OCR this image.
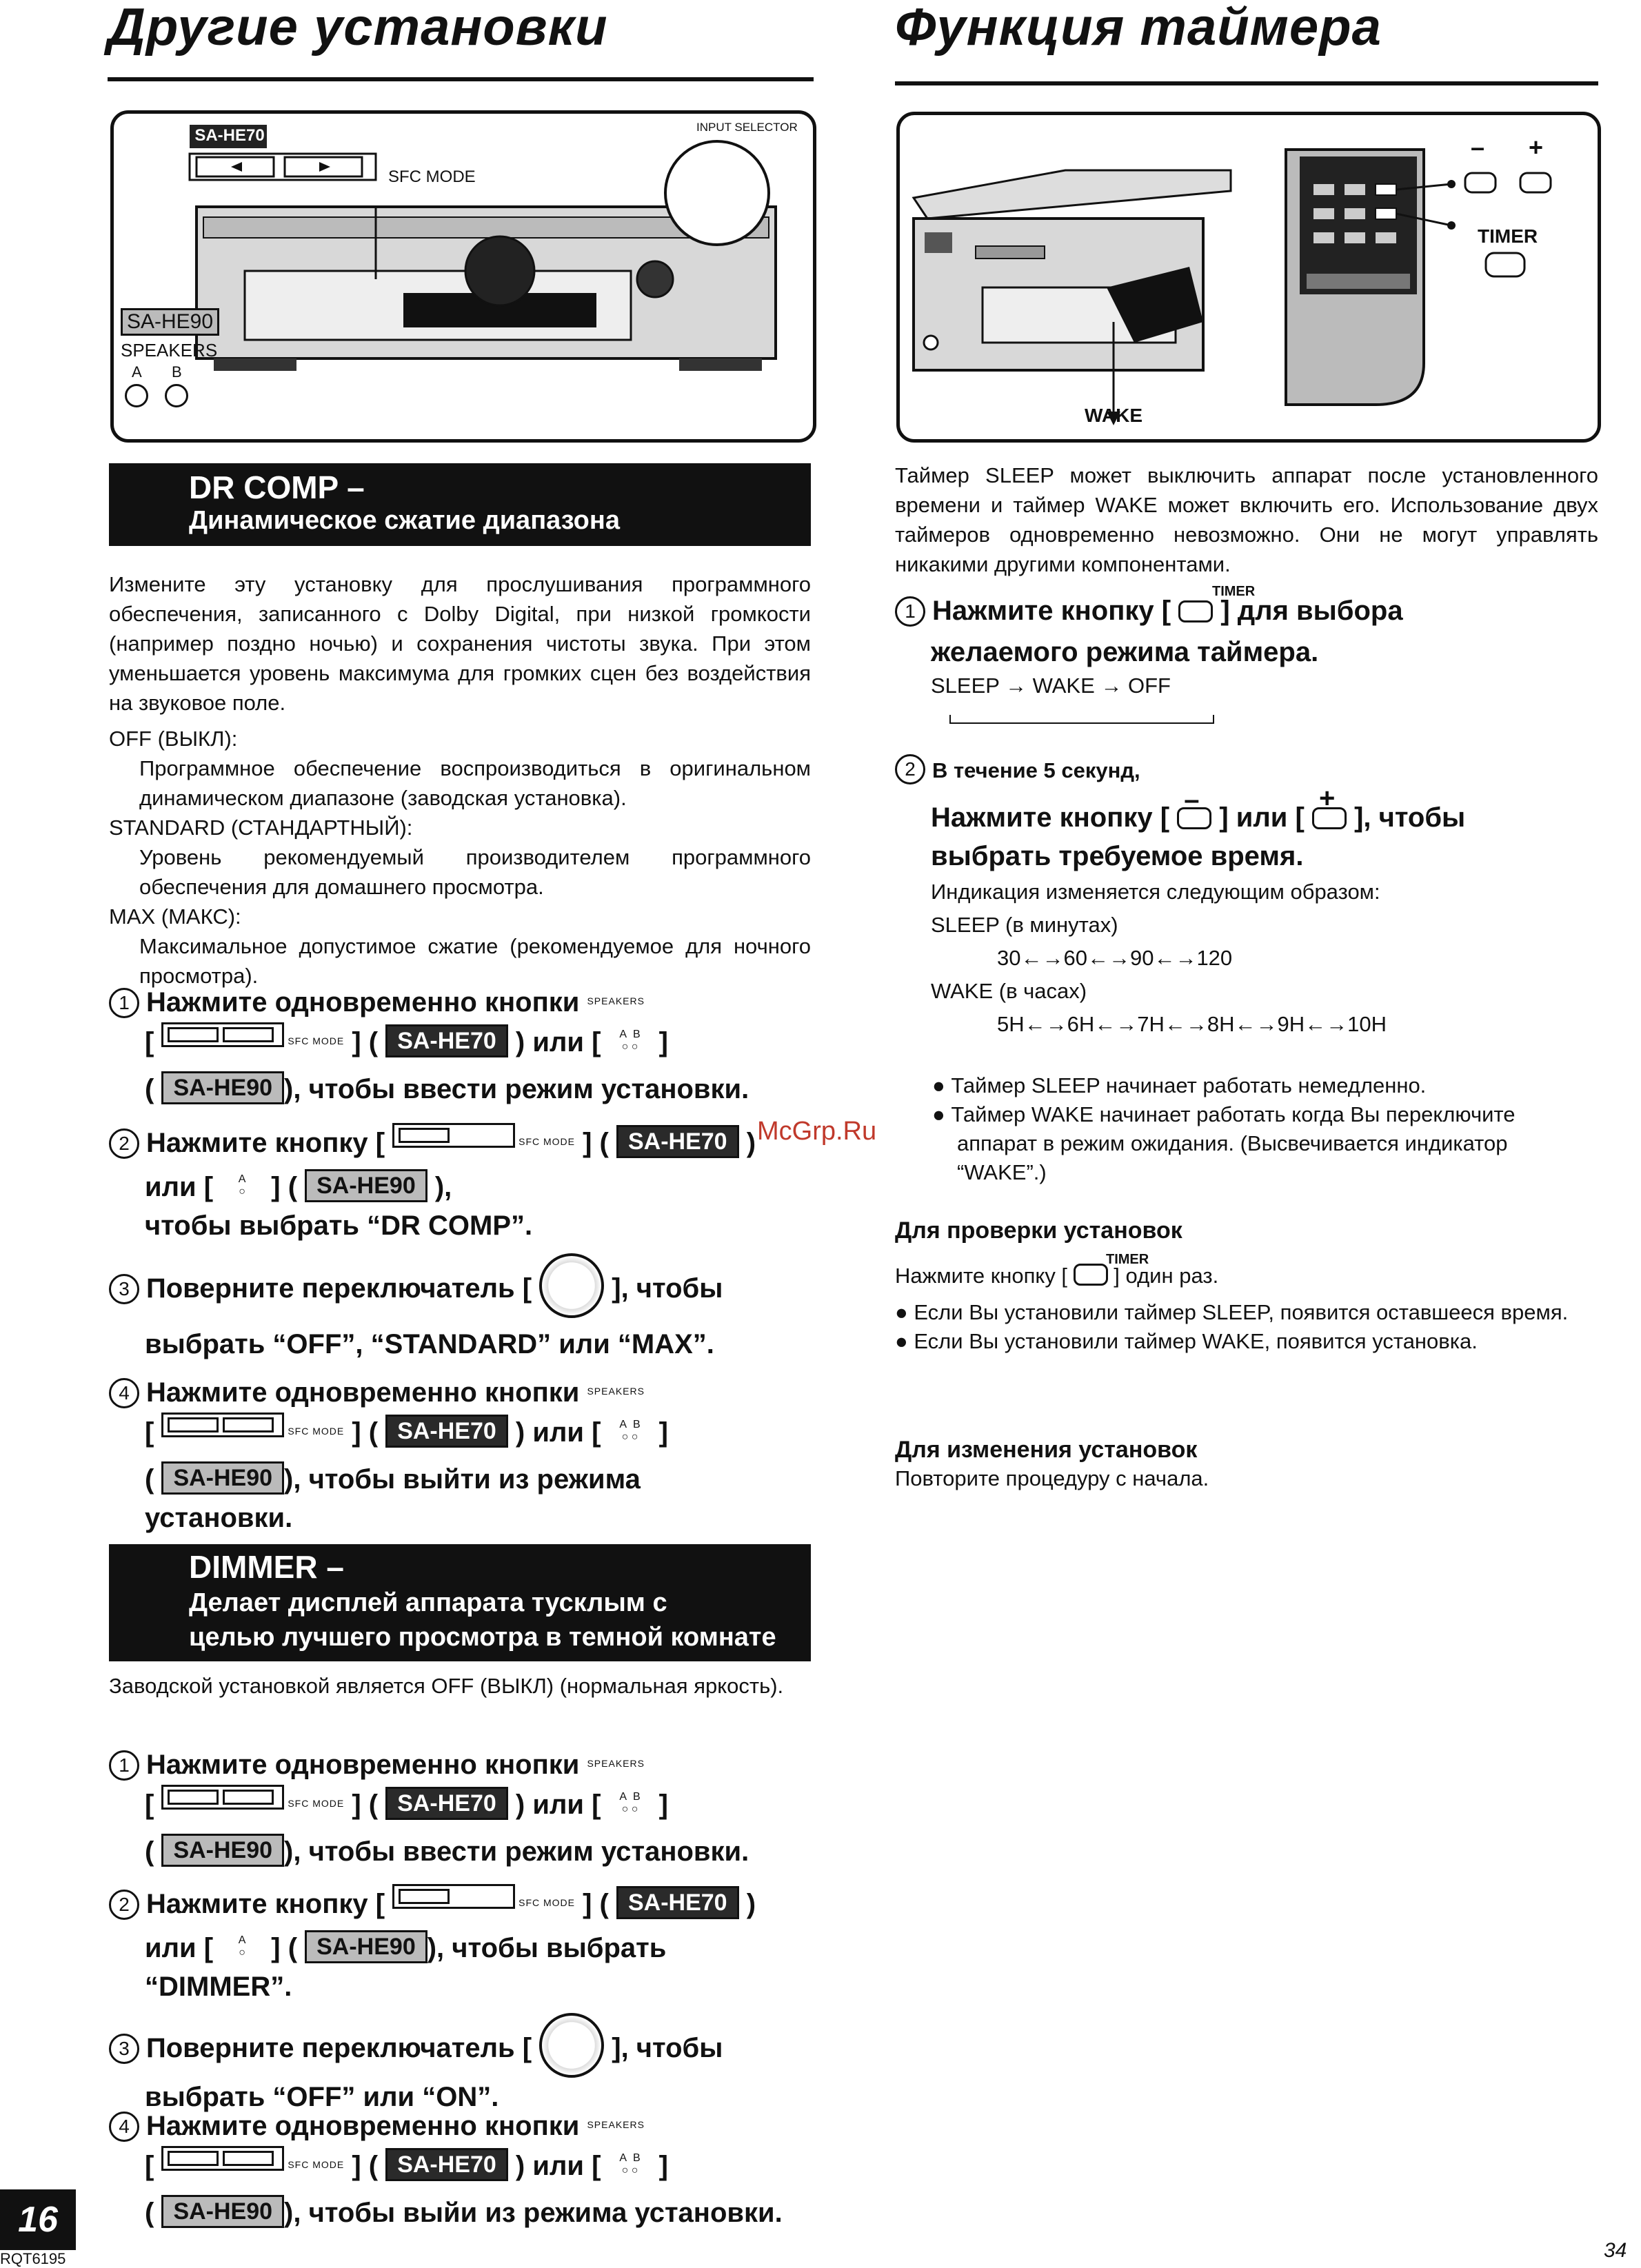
Другие установки
SA-HE70
SFC MODE
INPUT SELECTOR
SA-HE90
SPEAKERS
A B
DR COMP –
Динамическое сжатие диапазона

Измените эту установку для прослушивания программного обеспечения, записанного с Dolby Digital, при низкой громкости (например поздно ночью) и сохранения чистоты звука. При этом уменьшается уровень максимума для громких сцен без воздействия на звуковое поле.

OFF (ВЫКЛ):
Программное обеспечение воспроизводиться в оригинальном динамическом диапазоне (заводская установка).
STANDARD (СТАНДАРТНЫЙ):
Уровень рекомендуемый производителем программного обеспечения для домашнего просмотра.
MAX (МАКС):
Максимальное допустимое сжатие (рекомендуемое для ночного просмотра).
1 Нажмите одновременно кнопки $^{SPEAKERS}$
[	$^{SFC MODE}$ ] ( SA-HE70 ) или [ A  B
○ ○ ]
( SA-HE90 ), чтобы ввести режим установки.
2 Нажмите кнопку [	$^{SFC MODE}$ ] ( SA-HE70 )
или [ A
○ ] ( SA-HE90 ),
чтобы выбрать “DR COMP”.
3 Поверните переключатель [	], чтобы
выбрать “OFF”, “STANDARD” или “MAX”.
4 Нажмите одновременно кнопки $^{SPEAKERS}$
[	$^{SFC MODE}$ ] ( SA-HE70 ) или [ A  B
○ ○ ]
( SA-HE90 ), чтобы выйти из режима
установки.
DIMMER –
Делает дисплей аппарата тусклым с
целью лучшего просмотра в темной комнате

Заводской установкой является OFF (ВЫКЛ) (нормальная яркость).

1 Нажмите одновременно кнопки $^{SPEAKERS}$
[	$^{SFC MODE}$ ] ( SA-HE70 ) или [ A  B
○ ○ ]
( SA-HE90 ), чтобы ввести режим установки.
2 Нажмите кнопку [	$^{SFC MODE}$ ] ( SA-HE70 )
или [ A
○ ] ( SA-HE90 ), чтобы выбрать
“DIMMER”.
3 Поверните переключатель [	], чтобы
выбрать “OFF” или “ON”.
4 Нажмите одновременно кнопки $^{SPEAKERS}$
[	$^{SFC MODE}$ ] ( SA-HE70 ) или [ A  B
○ ○ ]
( SA-HE90 ), чтобы выйи из режима установки.
16
RQT6195
Функция таймера
– +
TIMER
WAKE

Таймер SLEEP может выключить аппарат после установленного времени и таймер WAKE может включить его. Использование двух таймеров одновременно невозможно. Они не могут управлять никакими другими компонентами.

TIMER
1 Нажмите кнопку [ ] для выбора
желаемого режима таймера.
SLEEP → WAKE → OFF
2 В течение 5 секунд,
Нажмите кнопку [
–
] или [
+
], чтобы
выбрать требуемое время.
Индикация изменяется следующим образом:
SLEEP (в минутах)
30←→60←→90←→120
WAKE (в часах)
5H←→6H←→7H←→8H←→9H←→10H
● Таймер SLEEP начинает работать немедленно.
● Таймер WAKE начинает работать когда Вы переключите аппарат в режим ожидания. (Высвечивается индикатор “WAKE”.)
McGrp.Ru
Для проверки установок
TIMER
Нажмите кнопку [ ] один раз.
● Если Вы установили таймер SLEEP, появится оставшееся время.
● Если Вы установили таймер WAKE, появится установка.
Для изменения установок
Повторите процедуру с начала.
34
